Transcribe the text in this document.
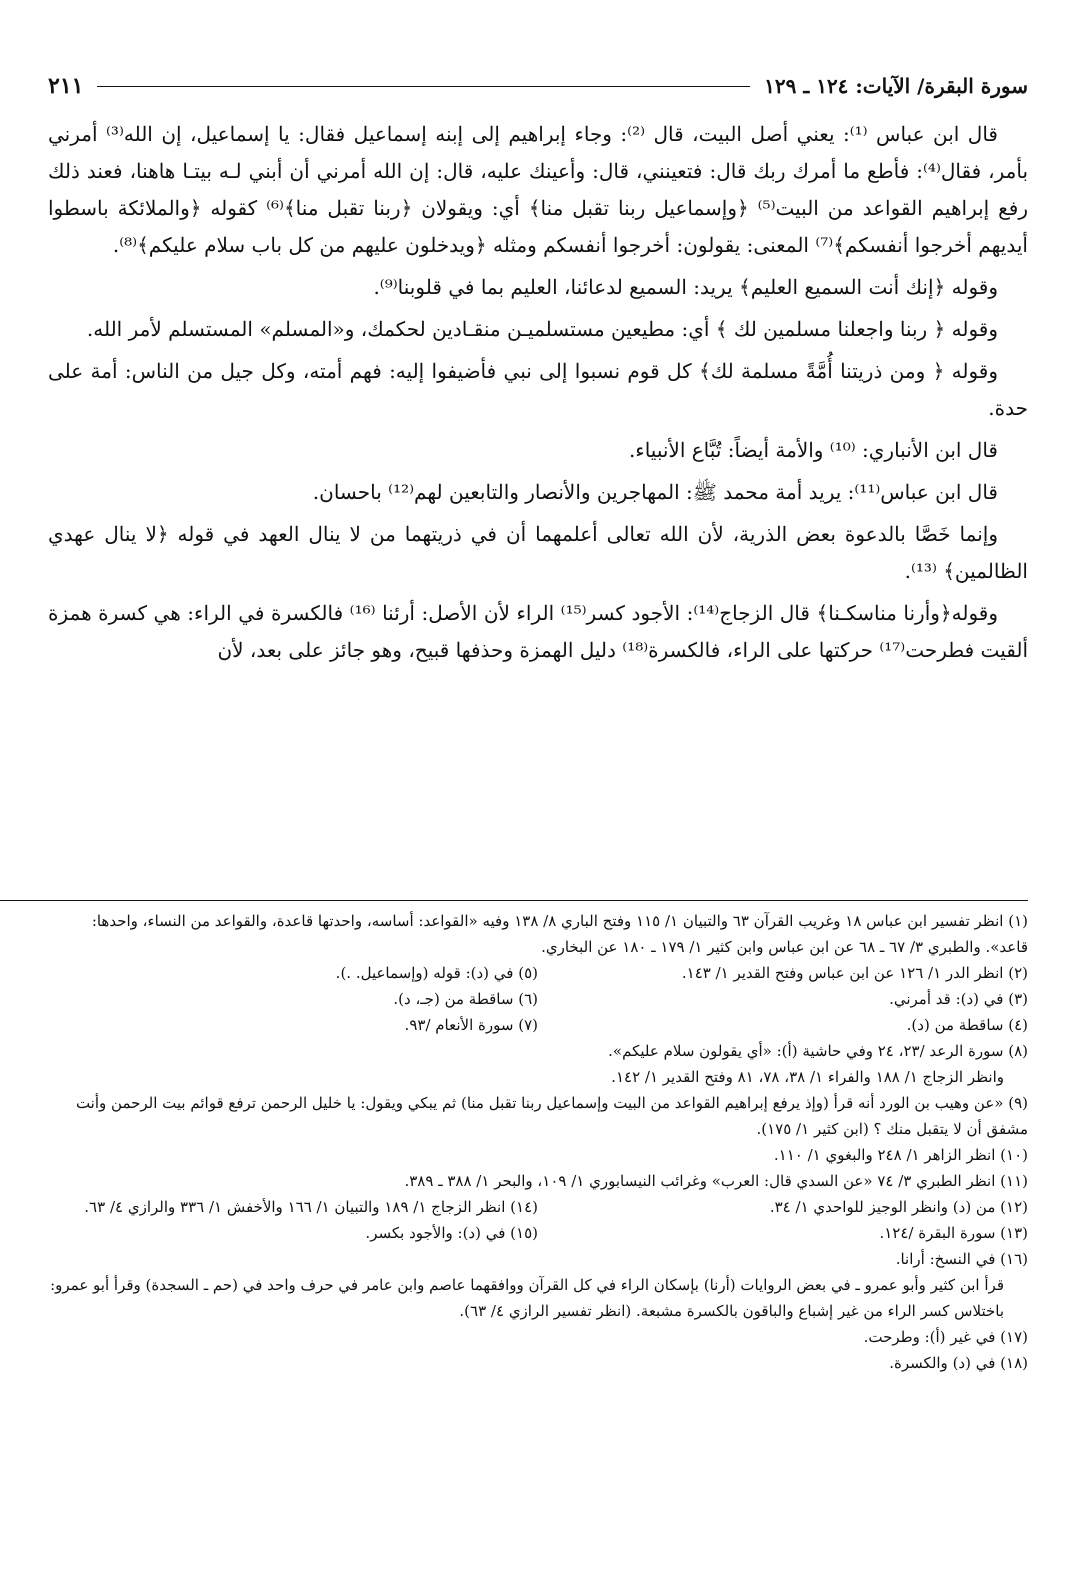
سورة البقرة/ الآيات: ١٢٤ ـ ١٢٩
٢١١

قال ابن عباس ⁽¹⁾: يعني أصل البيت، قال ⁽²⁾: وجاء إبراهيم إلى إبنه إسماعيل فقال: يا إسماعيل، إن الله⁽³⁾ أمرني بأمر، فقال⁽⁴⁾: فأطع ما أمرك ربك قال: فتعينني، قال: وأعينك عليه، قال: إن الله أمرني أن أبني لـه بيتـا هاهنا، فعند ذلك رفع إبراهيم القواعد من البيت⁽⁵⁾ ﴿وإسماعيل ربنا تقبل منا﴾ أي: ويقولان ﴿ربنا تقبل منا﴾⁽⁶⁾ كقوله ﴿والملائكة باسطوا أيديهم أخرجوا أنفسكم﴾⁽⁷⁾ المعنى: يقولون: أخرجوا أنفسكم ومثله ﴿ويدخلون عليهم من كل باب سلام عليكم﴾⁽⁸⁾.

وقوله ﴿إنك أنت السميع العليم﴾ يريد: السميع لدعائنا، العليم بما في قلوبنا⁽⁹⁾.

وقوله ﴿ ربنا واجعلنا مسلمين لك ﴾ أي: مطيعين مستسلميـن منقـادين لحكمك، و«المسلم» المستسلم لأمر الله.

وقوله ﴿ ومن ذريتنا أُمَّةً مسلمة لك﴾ كل قوم نسبوا إلى نبي فأضيفوا إليه: فهم أمته، وكل جيل من الناس: أمة على حدة.

قال ابن الأنباري: ⁽¹⁰⁾ والأمة أيضاً: تُبَّاع الأنبياء.

قال ابن عباس⁽¹¹⁾: يريد أمة محمد ﷺ: المهاجرين والأنصار والتابعين لهم⁽¹²⁾ باحسان.

وإنما خَصَّا بالدعوة بعض الذرية، لأن الله تعالى أعلمهما أن في ذريتهما من لا ينال العهد في قوله ﴿لا ينال عهدي الظالمين﴾ ⁽¹³⁾.

وقوله﴿وأرنا مناسكـنا﴾ قال الزجاج⁽¹⁴⁾: الأجود كسر⁽¹⁵⁾ الراء لأن الأصل: أرئنا ⁽¹⁶⁾ فالكسرة في الراء: هي كسرة همزة ألقيت فطرحت⁽¹⁷⁾ حركتها على الراء، فالكسرة⁽¹⁸⁾ دليل الهمزة وحذفها قبيح، وهو جائز على بعد، لأن

(١) انظر تفسير ابن عباس ١٨ وغريب القرآن ٦٣ والتبيان ١/ ١١٥ وفتح الباري ٨/ ١٣٨ وفيه «القواعد: أساسه، واحدتها قاعدة، والقواعد من النساء، واحدها: قاعد». والطبري ٣/ ٦٧ ـ ٦٨ عن ابن عباس وابن كثير ١/ ١٧٩ ـ ١٨٠ عن البخاري.
(٢) انظر الدر ١/ ١٢٦ عن ابن عباس وفتح القدير ١/ ١٤٣.
(٥) في (د): قوله (وإسماعيل. .).
(٣) في (د): قد أمرني.
(٦) ساقطة من (جـ، د).
(٤) ساقطة من (د).
(٧) سورة الأنعام /٩٣.
(٨) سورة الرعد /٢٣، ٢٤ وفي حاشية (أ): «أي يقولون سلام عليكم».
وانظر الزجاج ١/ ١٨٨ والفراء ١/ ٣٨، ٧٨، ٨١ وفتح القدير ١/ ١٤٢.
(٩) «عن وهيب بن الورد أنه قرأ (وإذ يرفع إبراهيم القواعد من البيت وإسماعيل ربنا تقبل منا) ثم يبكي ويقول: يا خليل الرحمن ترفع قوائم بيت الرحمن وأنت مشفق أن لا يتقبل منك ؟ (ابن كثير ١/ ١٧٥).
(١٠) انظر الزاهر ١/ ٢٤٨ والبغوي ١/ ١١٠.
(١١) انظر الطبري ٣/ ٧٤ «عن السدي قال: العرب» وغرائب النيسابوري ١/ ١٠٩، والبحر ١/ ٣٨٨ ـ ٣٨٩.
(١٢) من (د) وانظر الوجيز للواحدي ١/ ٣٤.
(١٤) انظر الزجاج ١/ ١٨٩ والتبيان ١/ ١٦٦ والأخفش ١/ ٣٣٦ والرازي ٤/ ٦٣.
(١٣) سورة البقرة /١٢٤.
(١٥) في (د): والأجود بكسر.
(١٦) في النسخ: أرانا.
قرأ ابن كثير وأبو عمرو ـ في بعض الروايات (أرنا) بإسكان الراء في كل القرآن ووافقهما عاصم وابن عامر في حرف واحد في (حم ـ السجدة) وقرأ أبو عمرو: باختلاس كسر الراء من غير إشباع والباقون بالكسرة مشبعة. (انظر تفسير الرازي ٤/ ٦٣).
(١٧) في غير (أ): وطرحت.
(١٨) في (د) والكسرة.
